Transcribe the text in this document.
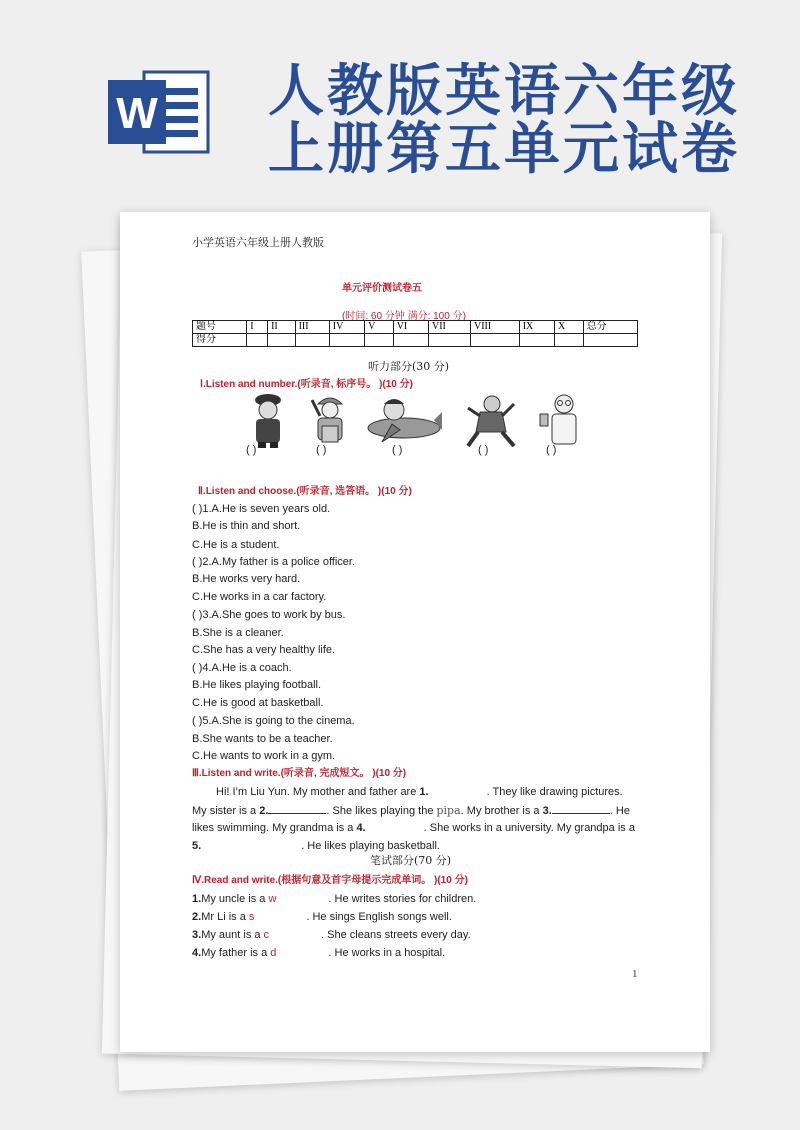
W 人教版英语六年级
上册第五单元试卷
小学英语六年级上册人教版
单元评价测试卷五
(时间: 60 分钟 满分: 100 分)
题号	I	II	III	IV	V	VI	VII	VIII	IX	X	总分
得分											
听力部分(30 分)
Ⅰ.Listen and number.(听录音, 标序号。 )(10 分)
( )	( )	( )	( )	( )
Ⅱ.Listen and choose.(听录音, 选答语。 )(10 分)
( )1.A.He is seven years old.
B.He is thin and short.
C.He is a student.
( )2.A.My father is a police officer.
B.He works very hard.
C.He works in a car factory.
( )3.A.She goes to work by bus.
B.She is a cleaner.
C.She has a very healthy life.
( )4.A.He is a coach.
B.He likes playing football.
C.He is good at basketball.
( )5.A.She is going to the cinema.
B.She wants to be a teacher.
C.He wants to work in a gym.
Ⅲ.Listen and write.(听录音, 完成短文。 )(10 分)
Hi! I’m Liu Yun. My mother and father are 1.	. They like drawing pictures.
My sister is a 2.	. She likes playing the pipa. My brother is a 3.	. He
likes swimming. My grandma is a 4.	. She works in a university. My grandpa is a
5.	. He likes playing basketball.
笔试部分(70 分)
Ⅳ.Read and write.(根据句意及首字母提示完成单词。 )(10 分)
1.My uncle is a w	. He writes stories for children.
2.Mr Li is a s	. He sings English songs well.
3.My aunt is a c	. She cleans streets every day.
4.My father is a d	. He works in a hospital.
1
